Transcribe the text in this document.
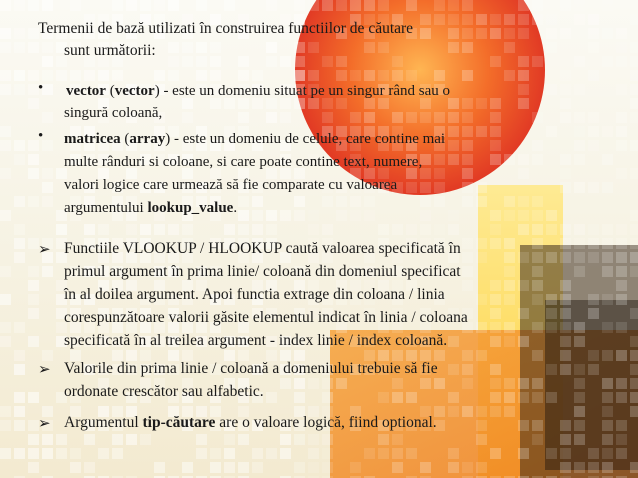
Termenii de bază utilizati în construirea functiilor de căutare
sunt următorii:
• vector (vector) - este un domeniu situat pe un singur rând sau o
singură coloană,
• matricea (array) - este un domeniu de celule, care contine mai
multe rânduri si coloane, si care poate contine text, numere,
valori logice care urmează să fie comparate cu valoarea
argumentului lookup_value.
➢ Functiile VLOOKUP / HLOOKUP caută valoarea specificată în
primul argument în prima linie/ coloană din domeniul specificat
în al doilea argument. Apoi functia extrage din coloana / linia
corespunzătoare valorii găsite elementul indicat în linia / coloana
specificată în al treilea argument - index linie / index coloană.
➢ Valorile din prima linie / coloană a domeniului trebuie să fie
ordonate crescător sau alfabetic.
➢ Argumentul tip-căutare are o valoare logică, fiind optional.
